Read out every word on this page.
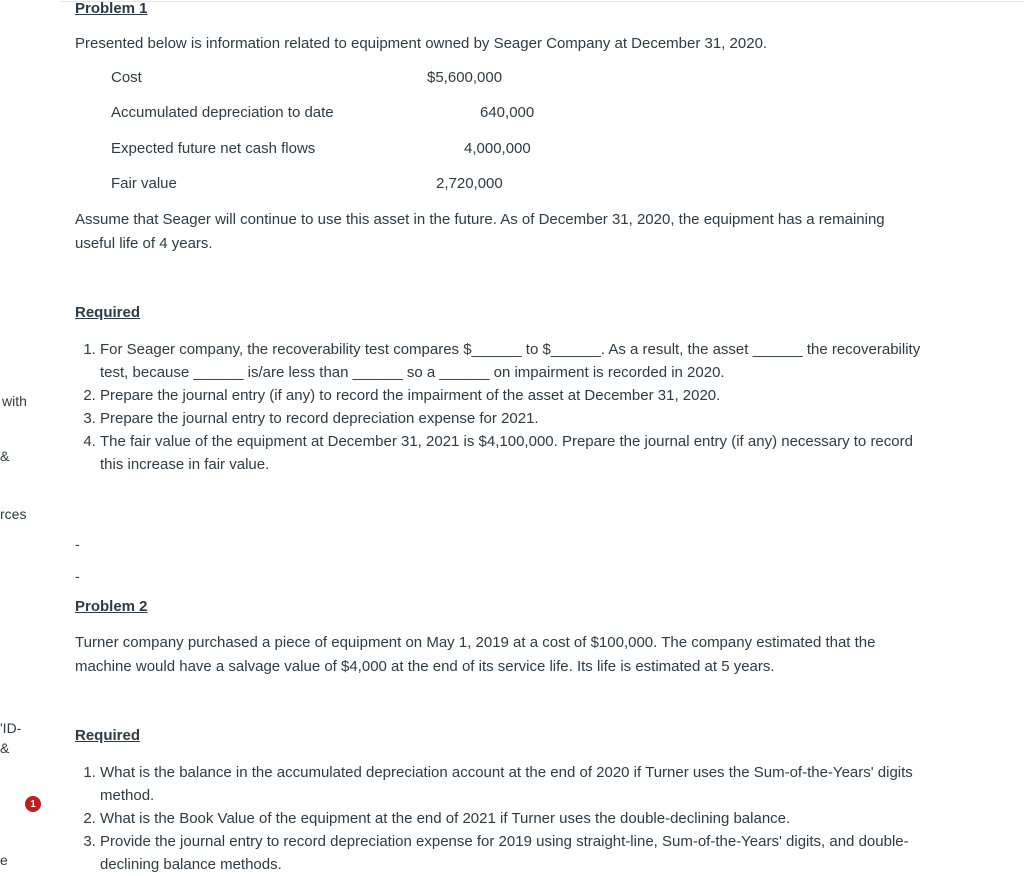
with
&
rces
'ID-
&
1
e
Problem 1

Presented below is information related to equipment owned by Seager Company at December 31, 2020.

Cost	$5,600,000
Accumulated depreciation to date	640,000
Expected future net cash flows	4,000,000
Fair value	2,720,000

Assume that Seager will continue to use this asset in the future. As of December 31, 2020, the equipment has a remaining useful life of 4 years.

Required
1. For Seager company, the recoverability test compares $______ to $______. As a result, the asset ______ the recoverability test, because ______ is/are less than ______ so a ______ on impairment is recorded in 2020.
2. Prepare the journal entry (if any) to record the impairment of the asset at December 31, 2020.
3. Prepare the journal entry to record depreciation expense for 2021.
4. The fair value of the equipment at December 31, 2021 is $4,100,000. Prepare the journal entry (if any) necessary to record this increase in fair value.
-
-
Problem 2

Turner company purchased a piece of equipment on May 1, 2019 at a cost of $100,000. The company estimated that the machine would have a salvage value of $4,000 at the end of its service life. Its life is estimated at 5 years.

Required
1. What is the balance in the accumulated depreciation account at the end of 2020 if Turner uses the Sum-of-the-Years' digits method.
2. What is the Book Value of the equipment at the end of 2021 if Turner uses the double-declining balance.
3. Provide the journal entry to record depreciation expense for 2019 using straight-line, Sum-of-the-Years' digits, and double-declining balance methods.
